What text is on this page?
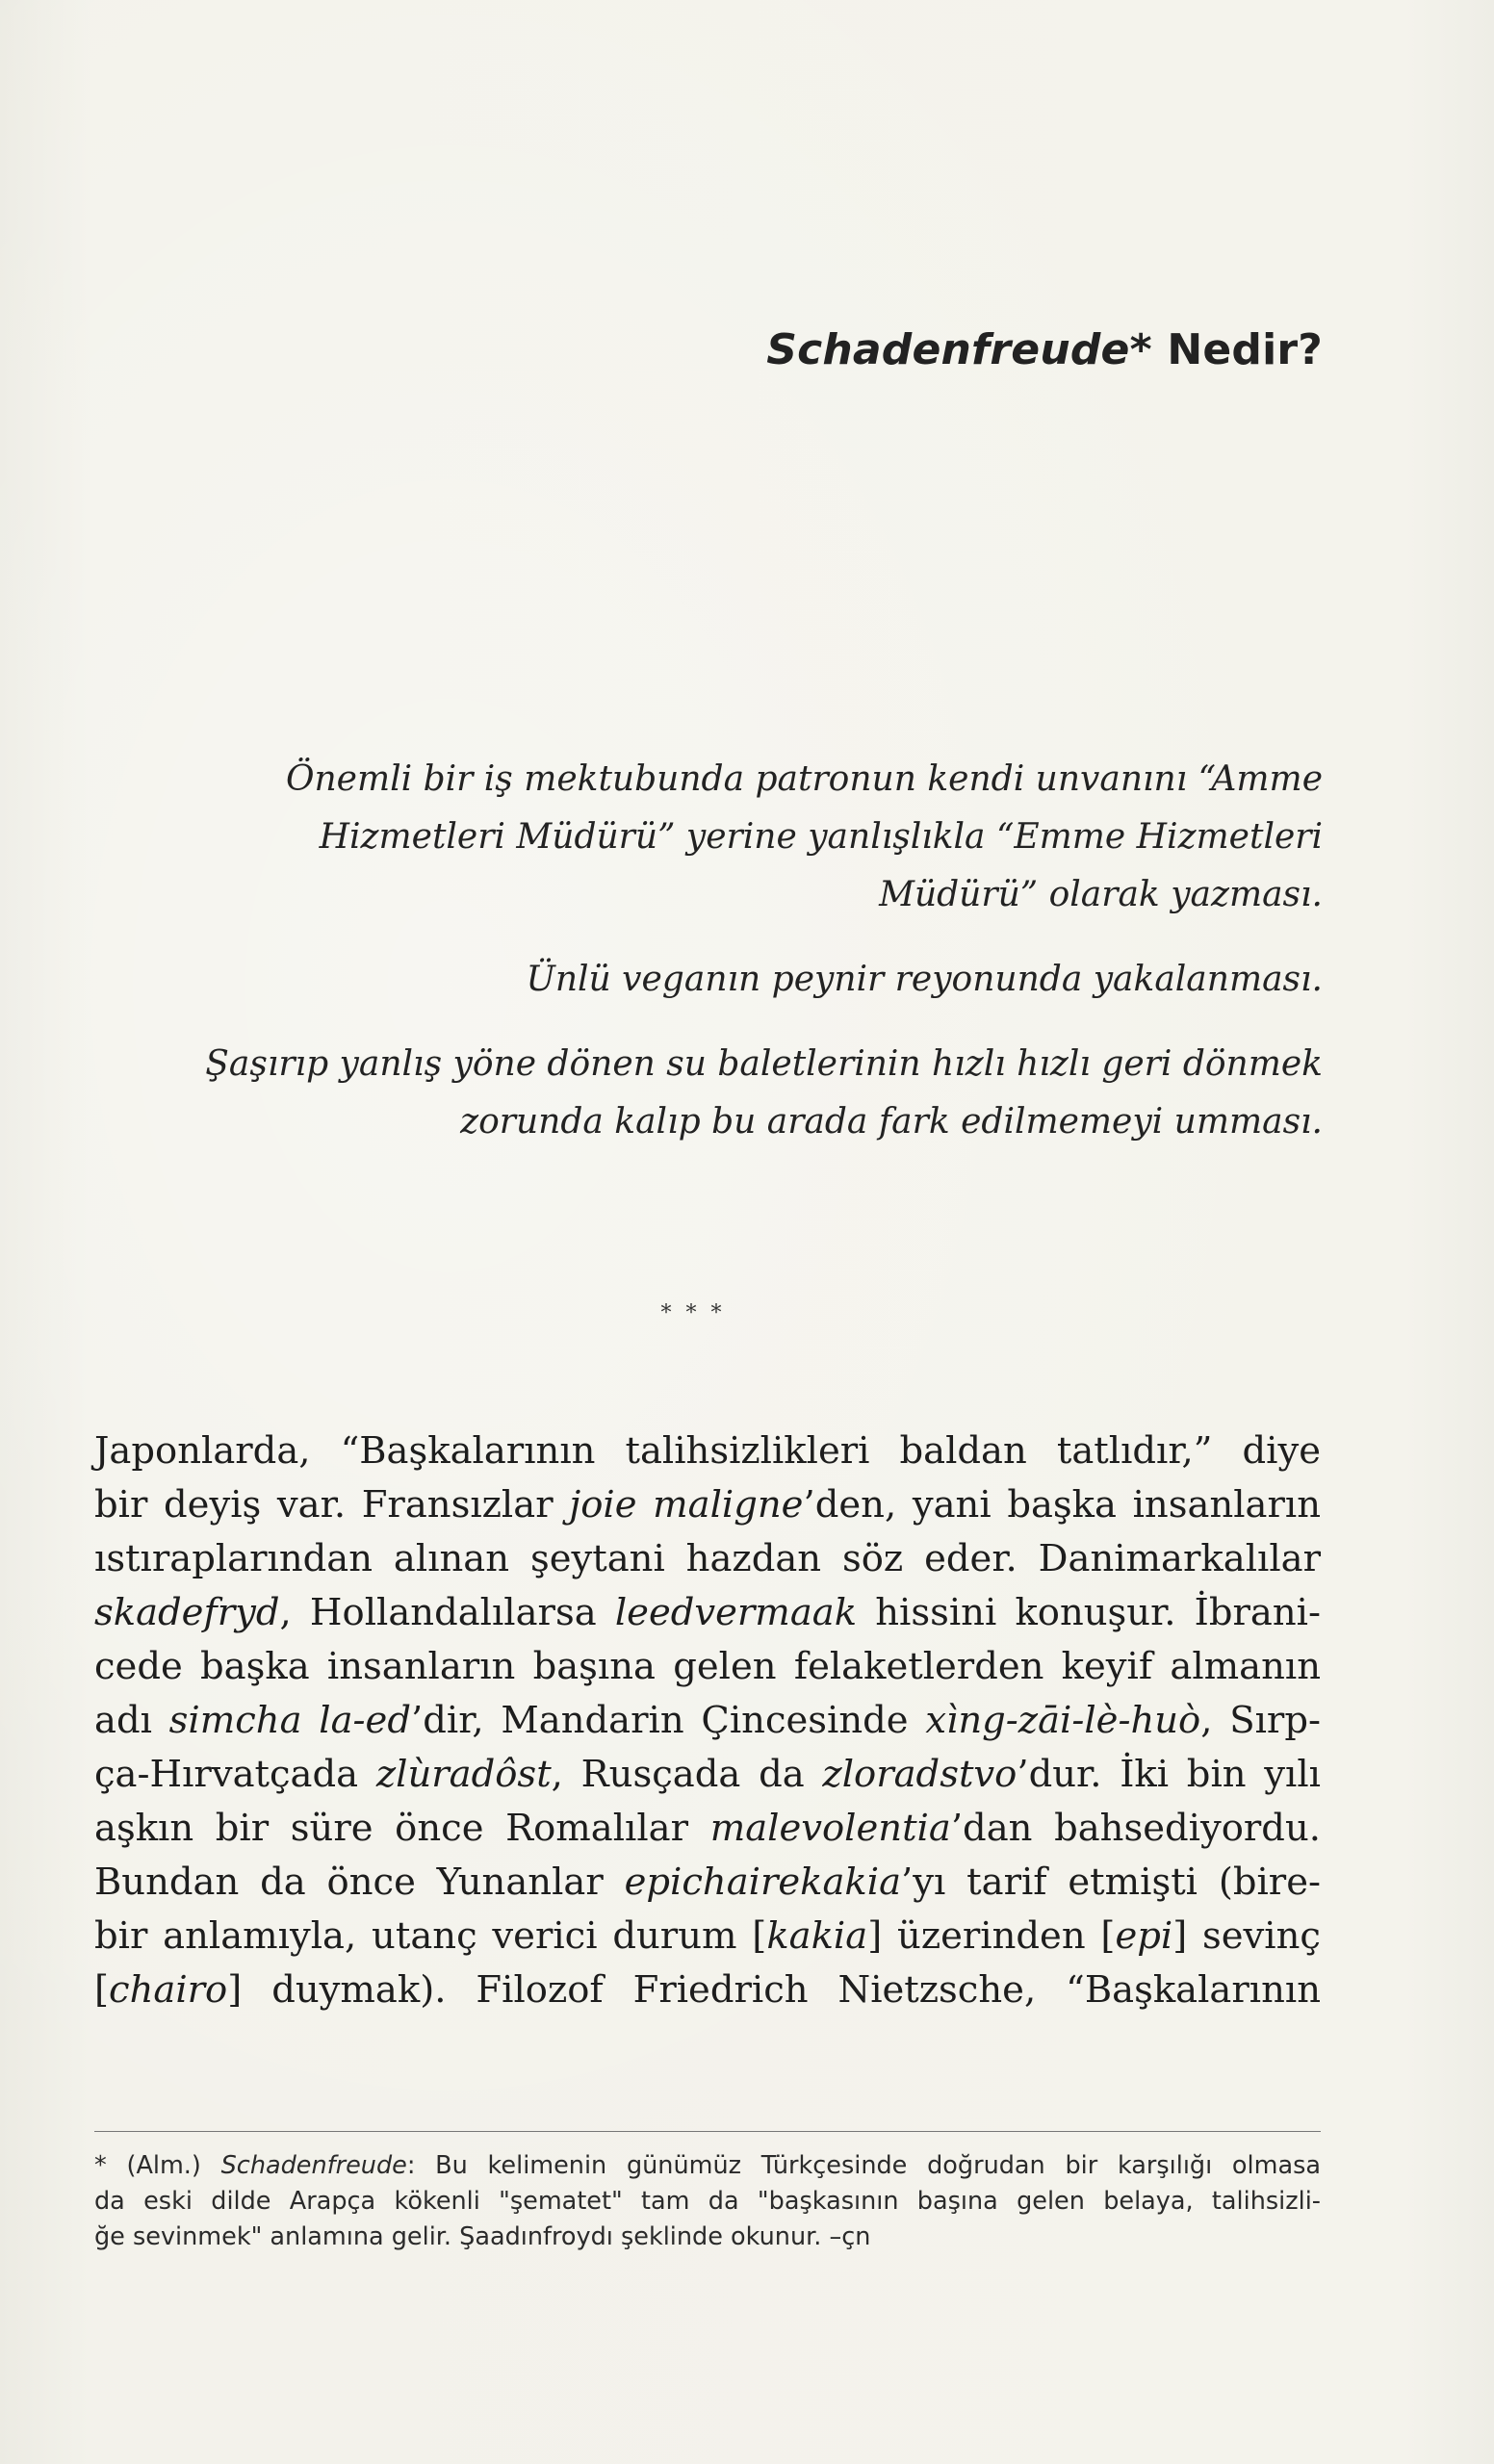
Schadenfreude* Nedir?
Önemli bir iş mektubunda patronun kendi unvanını “Amme
Hizmetleri Müdürü” yerine yanlışlıkla “Emme Hizmetleri
Müdürü” olarak yazması.
Ünlü veganın peynir reyonunda yakalanması.
Şaşırıp yanlış yöne dönen su baletlerinin hızlı hızlı geri dönmek
zorunda kalıp bu arada fark edilmemeyi umması.
* * *
Japonlarda, “Başkalarının talihsizlikleri baldan tatlıdır,” diye
bir deyiş var. Fransızlar joie maligne’den, yani başka insanların
ıstıraplarından alınan şeytani hazdan söz eder. Danimarkalılar
skadefryd, Hollandalılarsa leedvermaak hissini konuşur. İbrani-
cede başka insanların başına gelen felaketlerden keyif almanın
adı simcha la-ed’dir, Mandarin Çincesinde xìng-zāi-lè-huò, Sırp-
ça-Hırvatçada zlùradôst, Rusçada da zloradstvo’dur. İki bin yılı
aşkın bir süre önce Romalılar malevolentia’dan bahsediyordu.
Bundan da önce Yunanlar epichairekakia’yı tarif etmişti (bire-
bir anlamıyla, utanç verici durum [kakia] üzerinden [epi] sevinç
[chairo] duymak). Filozof Friedrich Nietzsche, “Başkalarının
* (Alm.) Schadenfreude: Bu kelimenin günümüz Türkçesinde doğrudan bir karşılığı olmasa
da eski dilde Arapça kökenli "şematet" tam da "başkasının başına gelen belaya, talihsizli-
ğe sevinmek" anlamına gelir. Şaadınfroydı şeklinde okunur. –çn
